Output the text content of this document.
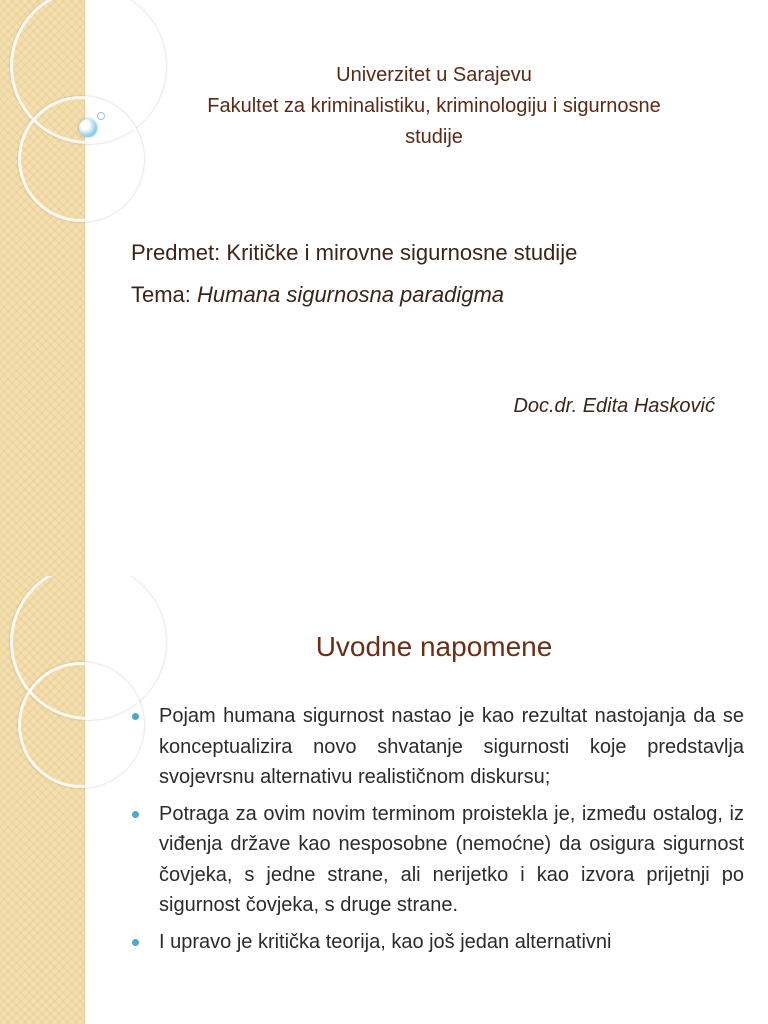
Univerzitet u Sarajevu
Fakultet za kriminalistiku, kriminologiju i sigurnosne
studije
Predmet: Kritičke i mirovne sigurnosne studije
Tema: Humana sigurnosna paradigma
Doc.dr. Edita Hasković
Uvodne napomene
Pojam humana sigurnost nastao je kao rezultat nastojanja da se konceptualizira novo shvatanje sigurnosti koje predstavlja svojevrsnu alternativu realističnom diskursu;
Potraga za ovim novim terminom proistekla je, između ostalog, iz viđenja države kao nesposobne (nemoćne) da osigura sigurnost čovjeka, s jedne strane, ali nerijetko i kao izvora prijetnji po sigurnost čovjeka, s druge strane.
I upravo je kritička teorija, kao još jedan alternativni
